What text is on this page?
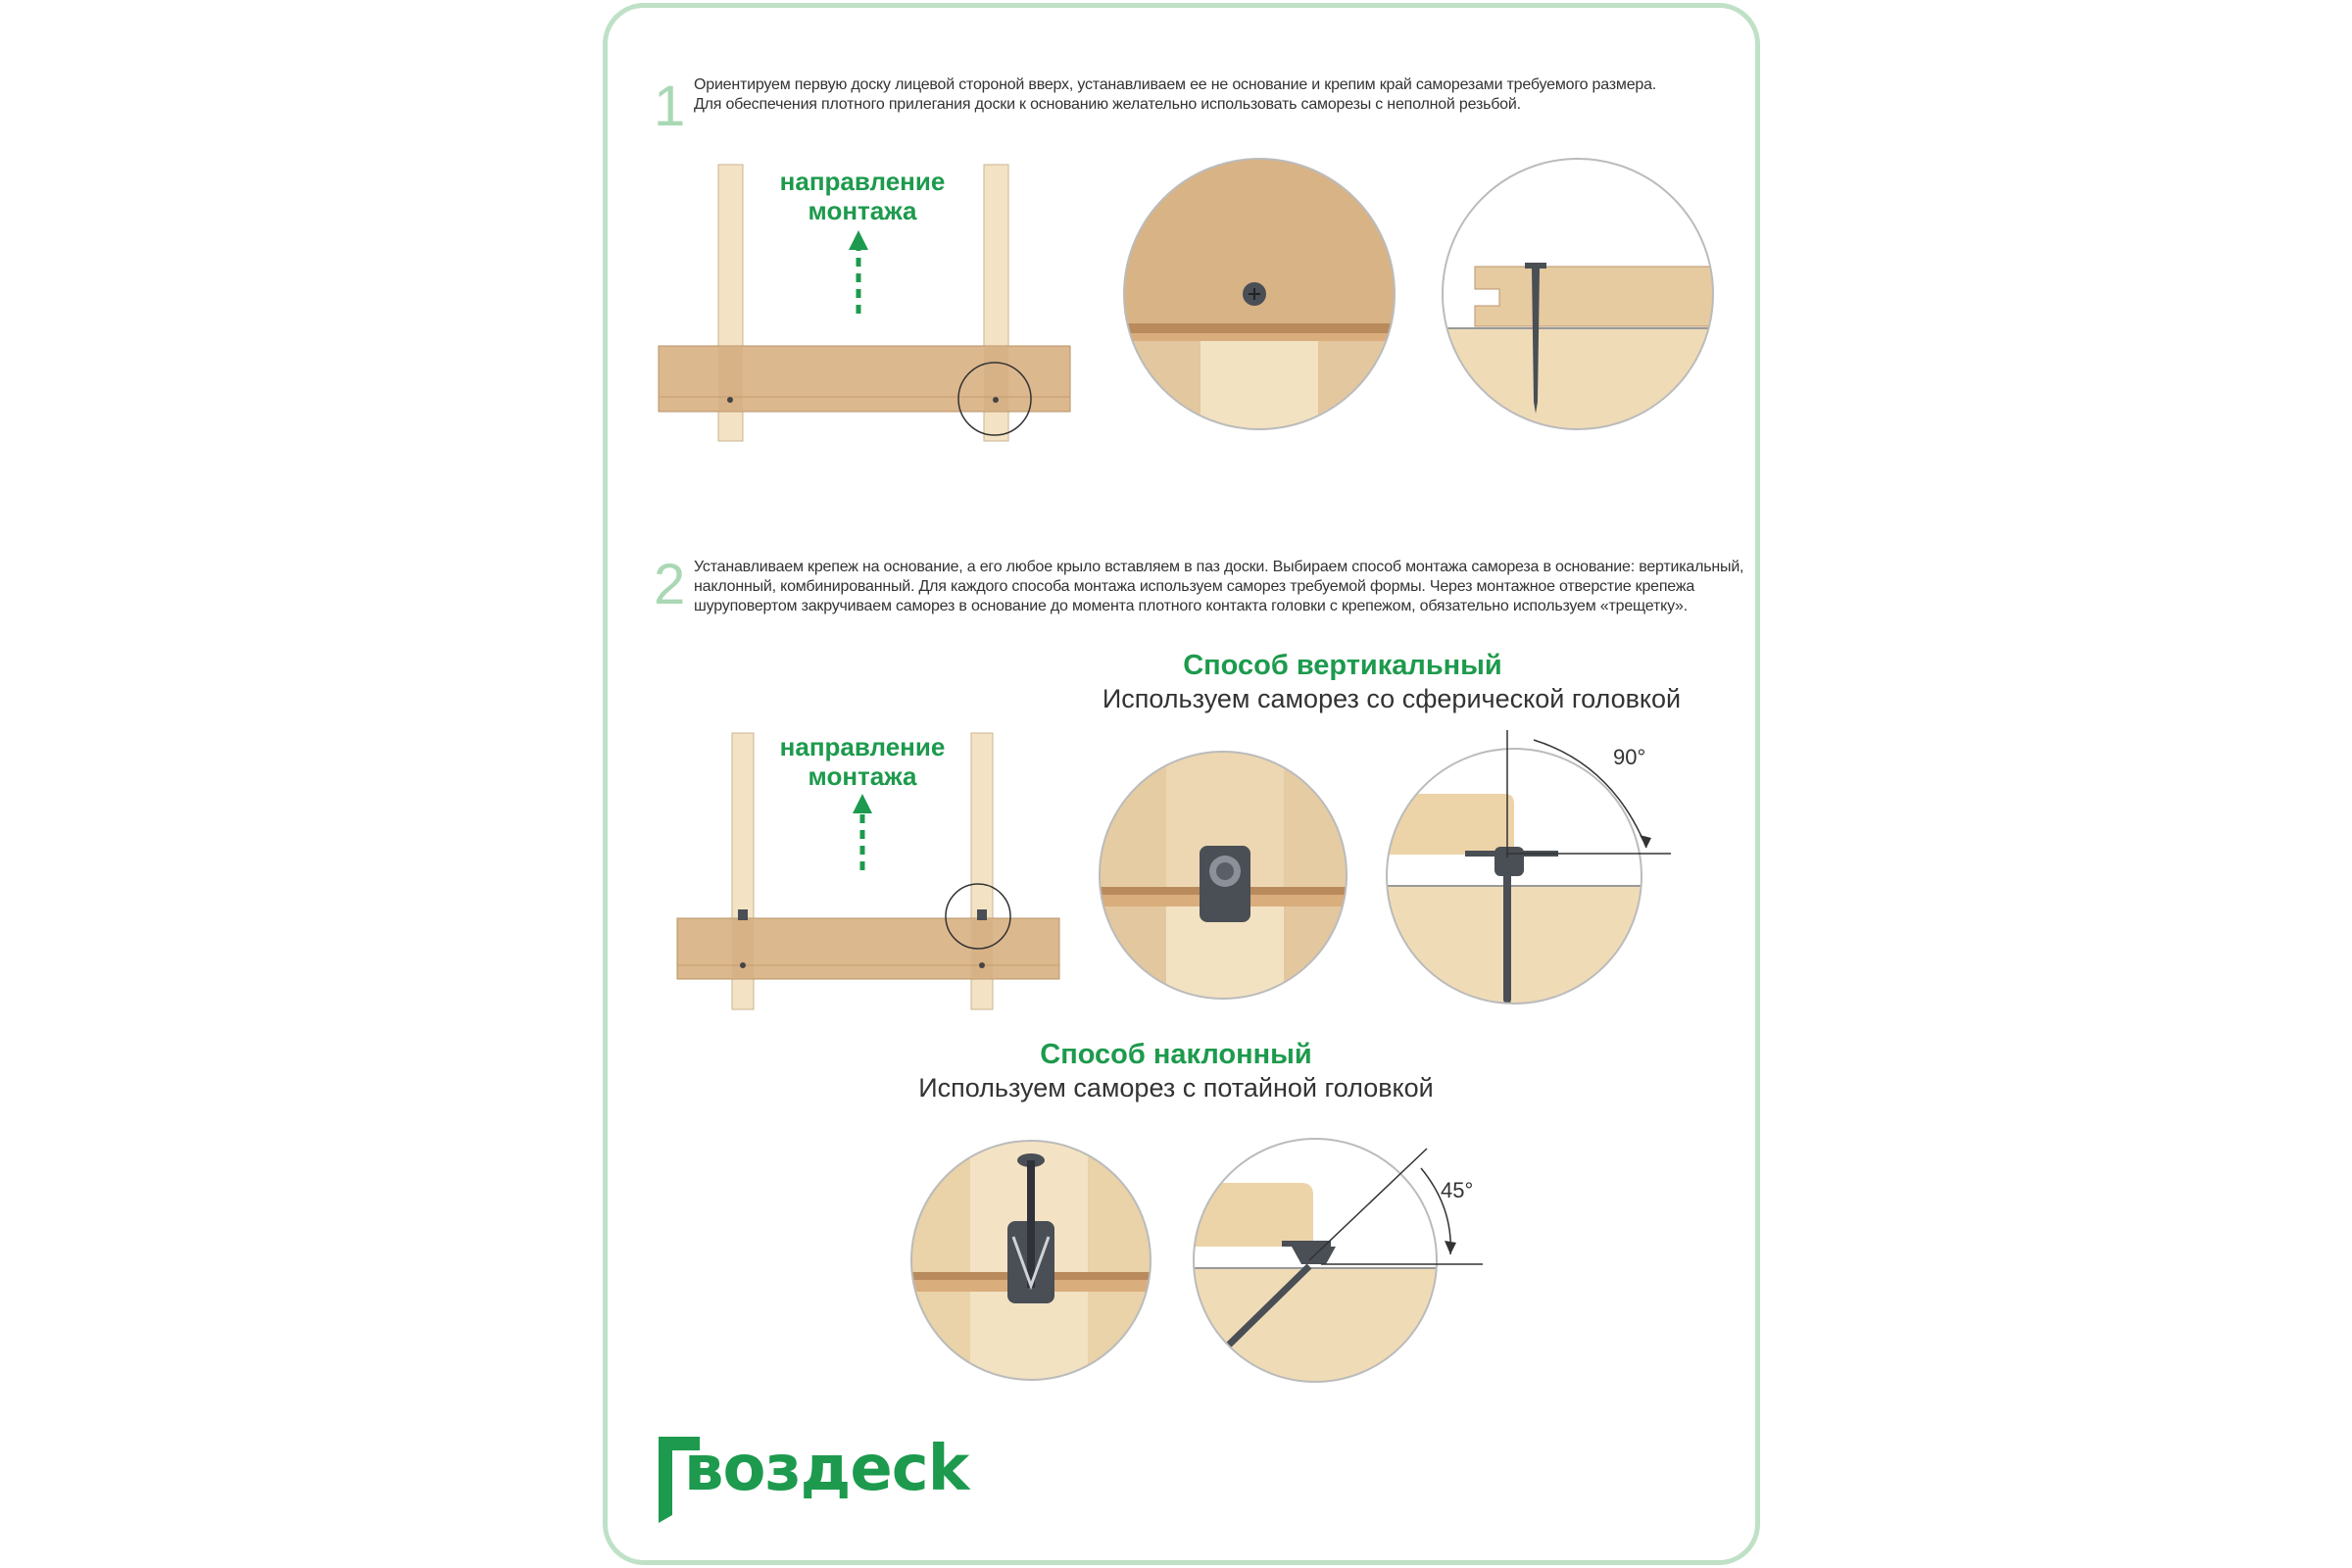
1 Ориентируем первую доску лицевой стороной вверх, устанавливаем ее не основание и крепим край саморезами требуемого размера.
Для обеспечения плотного прилегания доски к основанию желательно использовать саморезы с неполной резьбой.
направление
монтажа
2 Устанавливаем крепеж на основание, а его любое крыло вставляем в паз доски. Выбираем способ монтажа самореза в основание: вертикальный,
наклонный, комбинированный. Для каждого способа монтажа используем саморез требуемой формы. Через монтажное отверстие крепежа
шуруповертом закручиваем саморез в основание до момента плотного контакта головки с крепежом, обязательно используем «трещетку».
Способ вертикальный
Используем саморез со сферической головкой
направление
монтажа
90°
Способ наклонный
Используем саморез с потайной головкой
45°
воздeck
